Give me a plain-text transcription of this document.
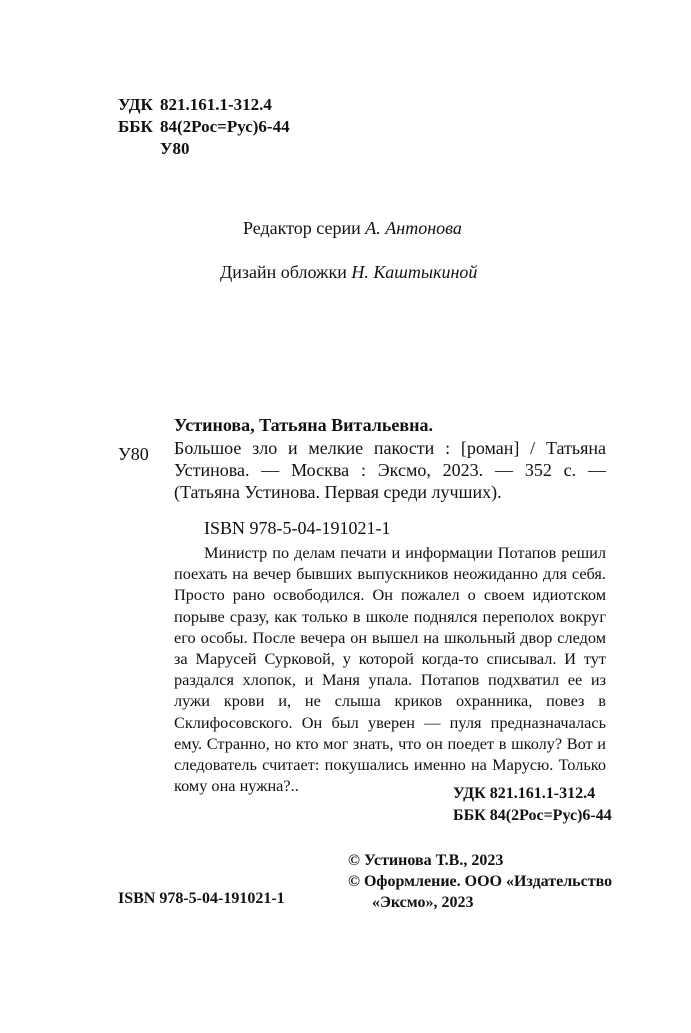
УДК 821.161.1-312.4
ББК 84(2Рос=Рус)6-44
У80
Редактор серии А. Антонова
Дизайн обложки Н. Каштыкиной
Устинова, Татьяна Витальевна.
У80 Большое зло и мелкие пакости : [роман] / Татьяна Устинова. — Москва : Эксмо, 2023. — 352 с. — (Татьяна Устинова. Первая среди лучших).
ISBN 978-5-04-191021-1

Министр по делам печати и информации Потапов решил поехать на вечер бывших выпускников неожиданно для себя. Просто рано освободился. Он пожалел о своем идиотском порыве сразу, как только в школе поднялся переполох вокруг его особы. После вечера он вышел на школьный двор следом за Марусей Сурковой, у которой когда-то списывал. И тут раздался хлопок, и Маня упала. Потапов подхватил ее из лужи крови и, не слыша криков охранника, повез в Склифосовского. Он был уверен — пуля предназначалась ему. Странно, но кто мог знать, что он поедет в школу? Вот и следователь считает: покушались именно на Марусю. Только кому она нужна?..	УДК 821.161.1-312.4
ББК 84(2Рос=Рус)6-44
© Устинова Т.В., 2023
© Оформление. ООО «Издательство
«Эксмо», 2023
ISBN 978-5-04-191021-1
